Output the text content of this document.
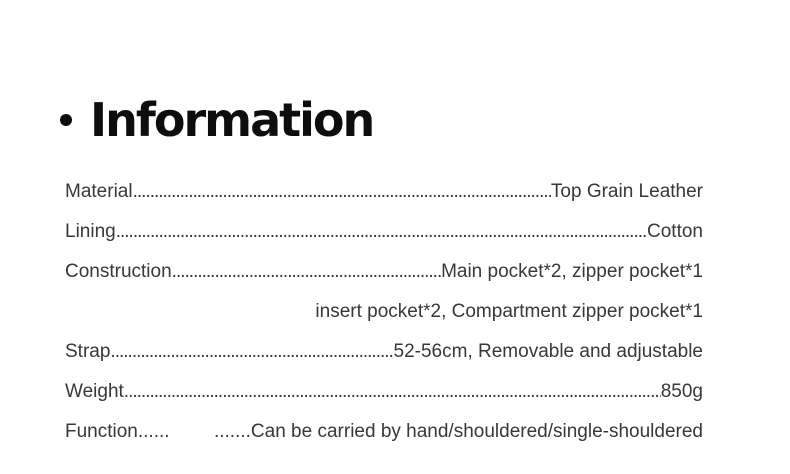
Information
Material .....	Top Grain Leather
Lining .....	Cotton
Construction .....	Main pocket*2, zipper pocket*1
insert pocket*2, Compartment zipper pocket*1
Strap .....	52-56cm, Removable and adjustable
Weight .....	850g
Function...... .......Can be carried by hand/shouldered/single-shouldered
